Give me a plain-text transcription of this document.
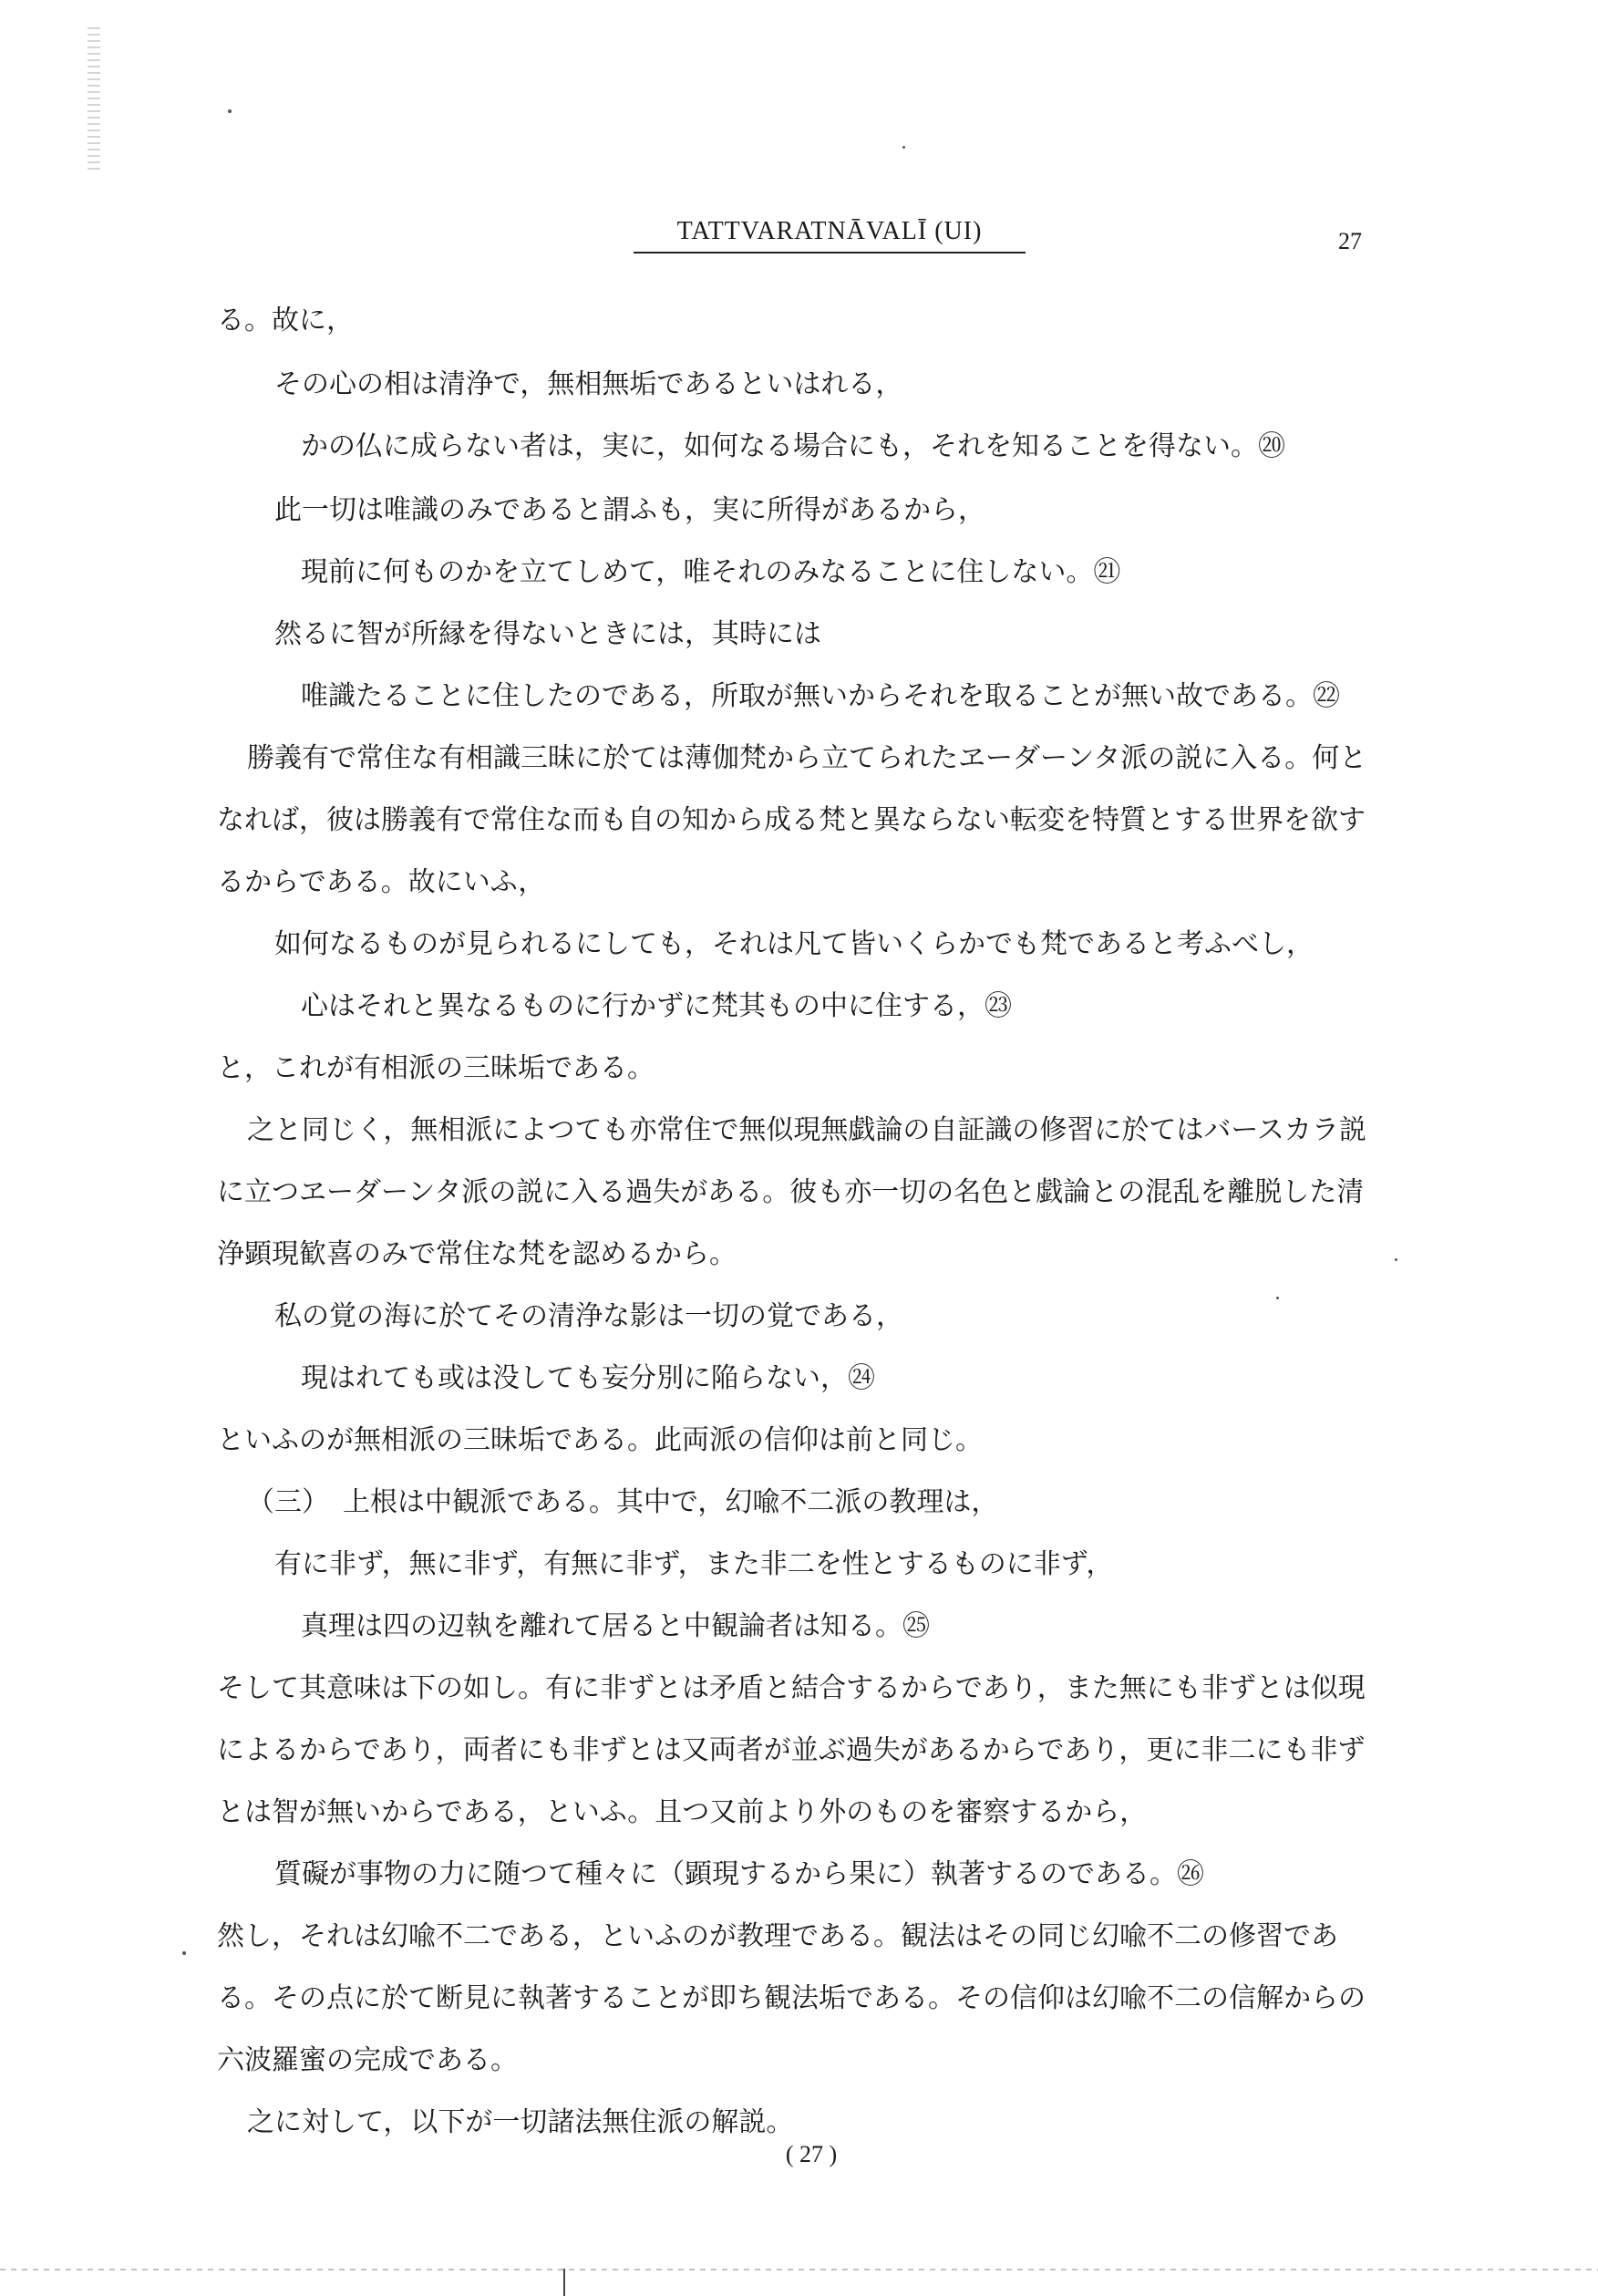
TATTVARATNĀVALĪ (UI)	27
る。故に，
その心の相は清浄で，無相無垢であるといはれる，
かの仏に成らない者は，実に，如何なる場合にも，それを知ることを得ない。⑳
此一切は唯識のみであると謂ふも，実に所得があるから，
現前に何ものかを立てしめて，唯それのみなることに住しない。㉑
然るに智が所縁を得ないときには，其時には
唯識たることに住したのである，所取が無いからそれを取ることが無い故である。㉒
勝義有で常住な有相識三昧に於ては薄伽梵から立てられたヱーダーンタ派の説に入る。何と
なれば，彼は勝義有で常住な而も自の知から成る梵と異ならない転変を特質とする世界を欲す
るからである。故にいふ，
如何なるものが見られるにしても，それは凡て皆いくらかでも梵であると考ふべし，
心はそれと異なるものに行かずに梵其もの中に住する，㉓
と，これが有相派の三昧垢である。
之と同じく，無相派によつても亦常住で無似現無戯論の自証識の修習に於てはバースカラ説
に立つヱーダーンタ派の説に入る過失がある。彼も亦一切の名色と戯論との混乱を離脱した清
浄顕現歓喜のみで常住な梵を認めるから。
私の覚の海に於てその清浄な影は一切の覚である，
現はれても或は没しても妄分別に陥らない，㉔
といふのが無相派の三昧垢である。此両派の信仰は前と同じ。
（三）　上根は中観派である。其中で，幻喩不二派の教理は，
有に非ず，無に非ず，有無に非ず，また非二を性とするものに非ず，
真理は四の辺執を離れて居ると中観論者は知る。㉕
そして其意味は下の如し。有に非ずとは矛盾と結合するからであり，また無にも非ずとは似現
によるからであり，両者にも非ずとは又両者が並ぶ過失があるからであり，更に非二にも非ず
とは智が無いからである，といふ。且つ又前より外のものを審察するから，
質礙が事物の力に随つて種々に（顕現するから果に）執著するのである。㉖
然し，それは幻喩不二である，といふのが教理である。観法はその同じ幻喩不二の修習であ
る。その点に於て断見に執著することが即ち観法垢である。その信仰は幻喩不二の信解からの
六波羅蜜の完成である。
之に対して，以下が一切諸法無住派の解説。
( 27 )
